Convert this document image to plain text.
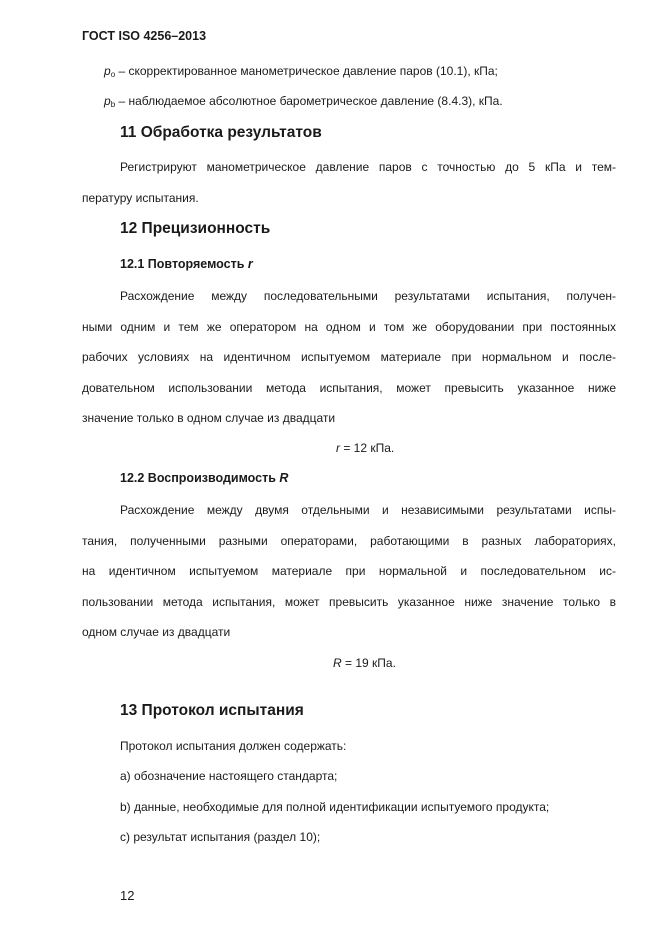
ГОСТ ISO 4256–2013
$p_o$ – скорректированное манометрическое давление паров (10.1), кПа;
$p_b$ – наблюдаемое абсолютное барометрическое давление (8.4.3), кПа.
11 Обработка результатов
Регистрируют манометрическое давление паров с точностью до 5 кПа и тем-
пературу испытания.
12 Прецизионность
12.1 Повторяемость r
Расхождение между последовательными результатами испытания, получен-
ными одним и тем же оператором на одном и том же оборудовании при постоянных
рабочих условиях на идентичном испытуемом материале при нормальном и после-
довательном использовании метода испытания, может превысить указанное ниже
значение только в одном случае из двадцати
r = 12 кПа.
12.2 Воспроизводимость R
Расхождение между двумя отдельными и независимыми результатами испы-
тания, полученными разными операторами, работающими в разных лабораториях,
на идентичном испытуемом материале при нормальной и последовательном ис-
пользовании метода испытания, может превысить указанное ниже значение только в
одном случае из двадцати
R = 19 кПа.
13 Протокол испытания
Протокол испытания должен содержать:
a) обозначение настоящего стандарта;
b) данные, необходимые для полной идентификации испытуемого продукта;
c) результат испытания (раздел 10);
12
